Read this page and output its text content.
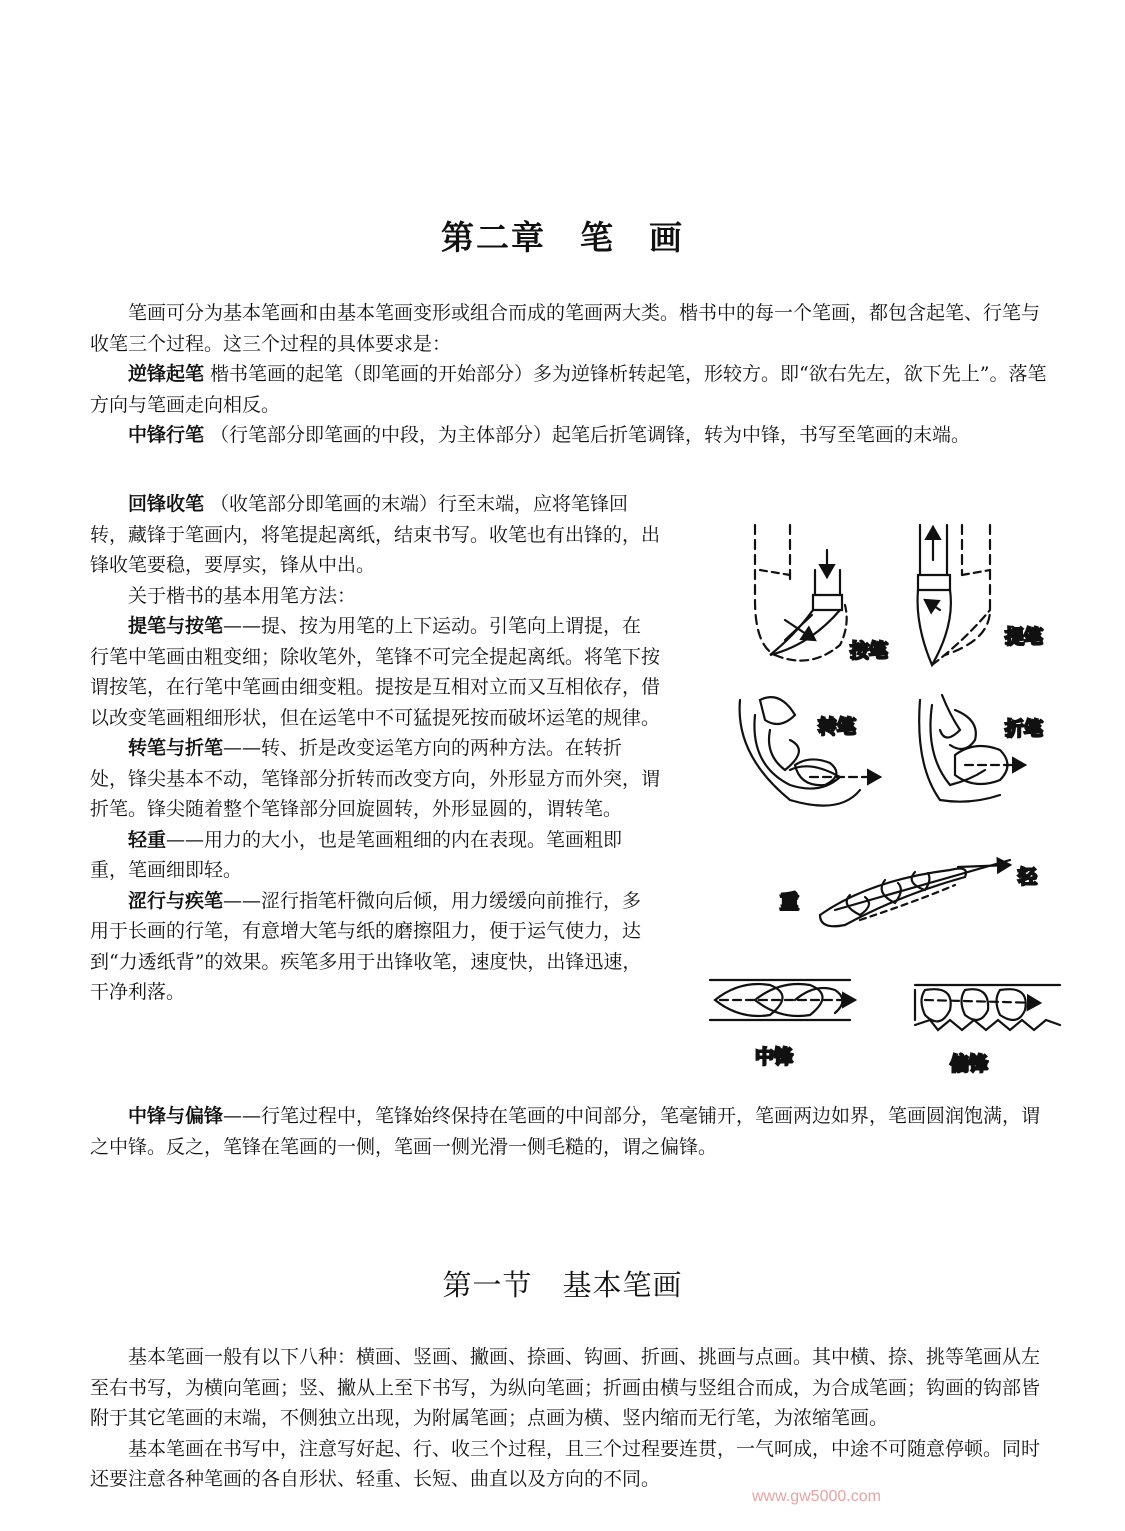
第二章 笔 画

笔画可分为基本笔画和由基本笔画变形或组合而成的笔画两大类。楷书中的每一个笔画，都包含起笔、行笔与收笔三个过程。这三个过程的具体要求是：

逆锋起笔 楷书笔画的起笔（即笔画的开始部分）多为逆锋析转起笔，形较方。即“欲右先左，欲下先上”。落笔方向与笔画走向相反。

中锋行笔 （行笔部分即笔画的中段，为主体部分）起笔后折笔调锋，转为中锋，书写至笔画的末端。

回锋收笔 （收笔部分即笔画的末端）行至末端，应将笔锋回转，藏锋于笔画内，将笔提起离纸，结束书写。收笔也有出锋的，出锋收笔要稳，要厚实，锋从中出。

关于楷书的基本用笔方法：

提笔与按笔——提、按为用笔的上下运动。引笔向上谓提，在行笔中笔画由粗变细；除收笔外，笔锋不可完全提起离纸。将笔下按谓按笔，在行笔中笔画由细变粗。提按是互相对立而又互相依存，借以改变笔画粗细形状，但在运笔中不可猛提死按而破坏运笔的规律。

转笔与折笔——转、折是改变运笔方向的两种方法。在转折处，锋尖基本不动，笔锋部分折转而改变方向，外形显方而外突，谓折笔。锋尖随着整个笔锋部分回旋圆转，外形显圆的，谓转笔。

轻重——用力的大小，也是笔画粗细的内在表现。笔画粗即重，笔画细即轻。

涩行与疾笔——涩行指笔杆微向后倾，用力缓缓向前推行，多用于长画的行笔，有意增大笔与纸的磨擦阻力，便于运气使力，达到“力透纸背”的效果。疾笔多用于出锋收笔，速度快，出锋迅速，干净利落。

中锋与偏锋——行笔过程中，笔锋始终保持在笔画的中间部分，笔毫铺开，笔画两边如界，笔画圆润饱满，谓之中锋。反之，笔锋在笔画的一侧，笔画一侧光滑一侧毛糙的，谓之偏锋。

第一节 基本笔画

基本笔画一般有以下八种：横画、竖画、撇画、捺画、钩画、折画、挑画与点画。其中横、捺、挑等笔画从左至右书写，为横向笔画；竖、撇从上至下书写，为纵向笔画；折画由横与竖组合而成，为合成笔画；钩画的钩部皆附于其它笔画的末端，不侧独立出现，为附属笔画；点画为横、竖内缩而无行笔，为浓缩笔画。

基本笔画在书写中，注意写好起、行、收三个过程，且三个过程要连贯，一气呵成，中途不可随意停顿。同时还要注意各种笔画的各自形状、轻重、长短、曲直以及方向的不同。

按笔
提笔
转笔	折笔
轻
重
中锋	偏锋
www.gw5000.com
